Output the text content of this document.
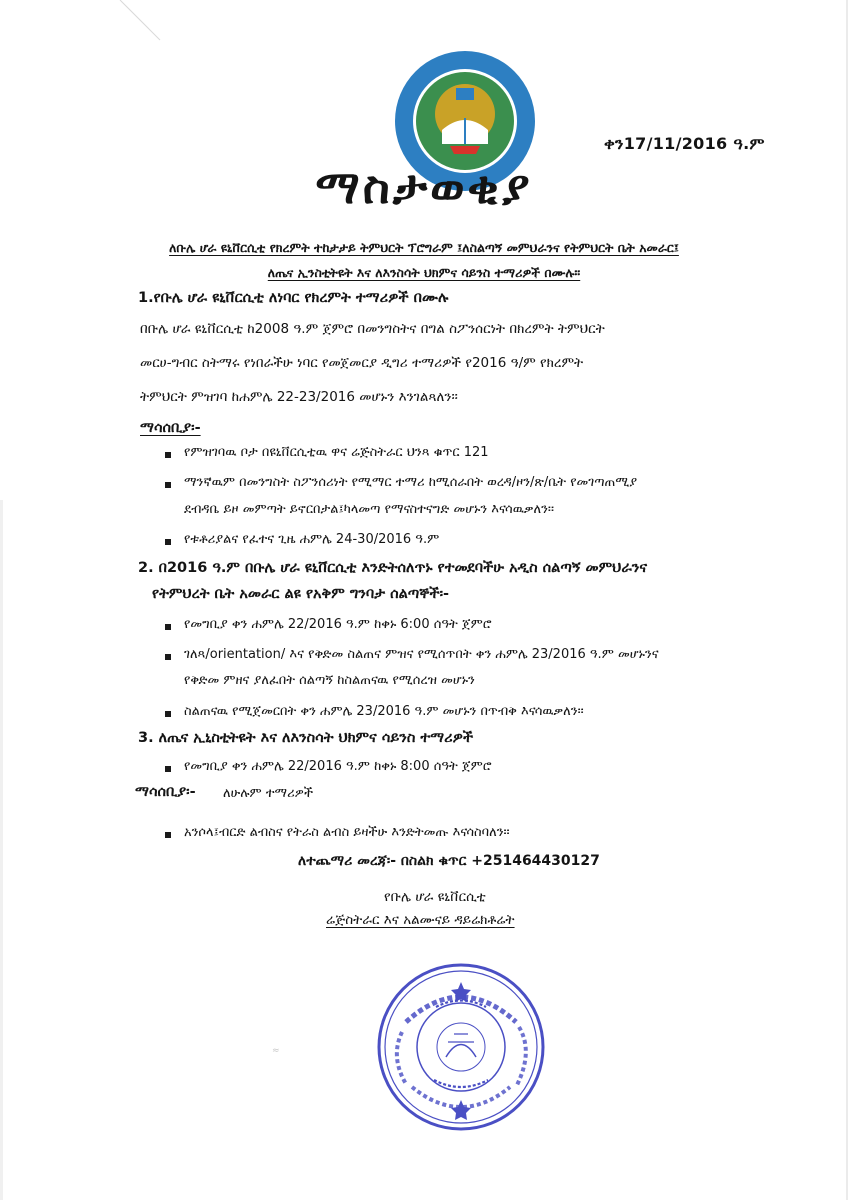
ቀን17/11/2016 ዓ.ም
ማስታወቂያ
ለቡሌ ሆራ ዩኒቨርሲቲ የክረምት ተከታታይ ትምህርት ፕሮግራም ፤ለስልጣኝ መምህራንና የትምህርት ቤት አመራር፤
ለጤና ኢንስቲትዩት እና ለእንስሳት ህክምና ሳይንስ ተማሪዎች በሙሉ፡፡
1.የቡሌ ሆራ ዩኒቨርሲቲ ለነባር የክረምት ተማሪዎች በሙሉ
በቡሌ ሆራ ዩኒቨርሲቲ ከ2008 ዓ.ም ጀምሮ በመንግስትና በግል ስፖንሰርነት በክረምት ትምህርት
መርሀ-ግብር ስትማሩ የነበራችሁ ነባር የመጀመርያ ዲግሪ ተማሪዎች የ2016 ዓ/ም የክረምት
ትምህርት ምዝገባ ከሐምሌ 22-23/2016 መሆኑን እንገልጻለን፡፡
ማሳሰቢያ፡-
የምዝገባዉ ቦታ በዩኒቨርሲቲዉ ዋና ሬጅስትራር ህንጻ ቁጥር 121
ማንኛዉም በመንግስት ስፖንሰሪነት የሚማር ተማሪ ከሚሰራበት ወረዳ/ዞን/ጽ/ቤት የመገጣጠሚያ
ደብዳቤ ይዞ መምጣት ይኖርበታል፤ካላመጣ የማናስተናግድ መሆኑን እናሳዉቃለን፡፡
የቱቶሪያልና የፈተና ጊዜ ሐምሌ 24-30/2016 ዓ.ም
2. በ2016 ዓ.ም በቡሌ ሆራ ዩኒቨርሲቲ እንድትሰለጥኑ የተመደባችሁ አዲስ ሰልጣኝ መምህራንና
የትምህረት ቤት አመራር ልዩ የአቅም ግንባታ ሰልጣኞች፡-
የመግቢያ ቀን ሐምሌ 22/2016 ዓ.ም ከቀኑ 6:00 ሰዓት ጀምሮ
ገለጻ/orientation/ እና የቅድመ ስልጠና ምዝና የሚሰጥበት ቀን ሐምሌ 23/2016 ዓ.ም መሆኑንና
የቅድመ ምዘና ያለፈበት ሰልጣኝ ከስልጠናዉ የሚሰረዝ መሆኑን
ስልጠናዉ የሚጀመርበት ቀን ሐምሌ 23/2016 ዓ.ም መሆኑን በጥብቅ እናሳዉቃለን፡፡
3. ለጤና ኢኒስቲትዩት እና ለእንስሳት ህክምና ሳይንስ ተማሪዎች
የመግቢያ ቀን ሐምሌ 22/2016 ዓ.ም ከቀኑ 8:00 ሰዓት ጀምሮ
ማሳሰቢያ፡- ለሁሉም ተማሪዎች
አንሶላ፤ብርድ ልብስና የትራስ ልብስ ይዛችሁ እንድትመጡ እናሳስባለን።
ለተጨማሪ መረጃ፡- በስልክ ቁጥር +251464430127
የቡሌ ሆራ ዩኒቨርሲቲ
ሬጅስትራር እና አልሙናይ ዳይሬክቶሬት
≈
